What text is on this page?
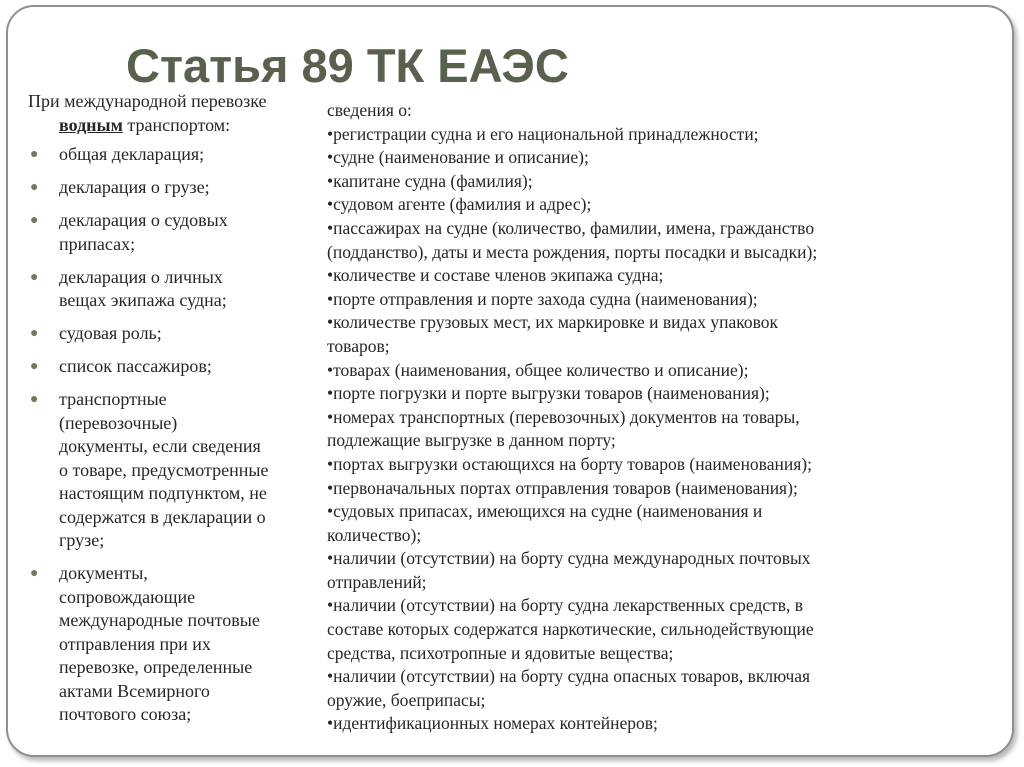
Статья 89 ТК ЕАЭС

При международной перевозке
водным транспортом:

● общая декларация;
● декларация о грузе;
● декларация о судовых
припасах;
● декларация о личных
вещах экипажа судна;
● судовая роль;
● список пассажиров;
● транспортные
(перевозочные)
документы, если сведения
о товаре, предусмотренные
настоящим подпунктом, не
содержатся в декларации о
грузе;
● документы,
сопровождающие
международные почтовые
отправления при их
перевозке, определенные
актами Всемирного
почтового союза;

сведения о:

•регистрации судна и его национальной принадлежности;

•судне (наименование и описание);

•капитане судна (фамилия);

•судовом агенте (фамилия и адрес);

•пассажирах на судне (количество, фамилии, имена, гражданство

(подданство), даты и места рождения, порты посадки и высадки);

•количестве и составе членов экипажа судна;

•порте отправления и порте захода судна (наименования);

•количестве грузовых мест, их маркировке и видах упаковок

товаров;

•товарах (наименования, общее количество и описание);

•порте погрузки и порте выгрузки товаров (наименования);

•номерах транспортных (перевозочных) документов на товары,

подлежащие выгрузке в данном порту;

•портах выгрузки остающихся на борту товаров (наименования);

•первоначальных портах отправления товаров (наименования);

•судовых припасах, имеющихся на судне (наименования и

количество);

•наличии (отсутствии) на борту судна международных почтовых

отправлений;

•наличии (отсутствии) на борту судна лекарственных средств, в

составе которых содержатся наркотические, сильнодействующие

средства, психотропные и ядовитые вещества;

•наличии (отсутствии) на борту судна опасных товаров, включая

оружие, боеприпасы;

•идентификационных номерах контейнеров;
